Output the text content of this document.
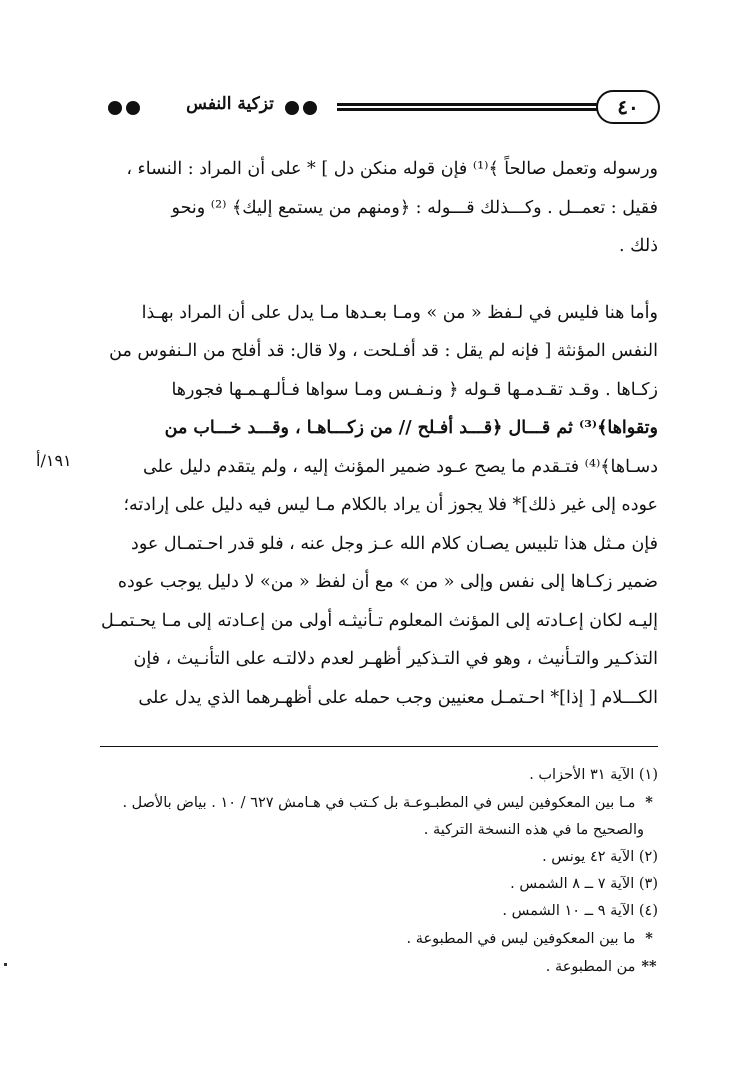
تزكية النفس	٤٠

ورسوله وتعمل صالحاً ﴾⁽¹⁾ فإن قوله منكن دل ] * على أن المراد : النساء ،

فقيل : تعمــل . وكـــذلك قـــوله : ﴿ومنهم من يستمع إليك﴾ ⁽²⁾ ونحو

ذلك .

وأما هنا فليس في لـفظ « من » ومـا بعـدها مـا يدل على أن المراد بهـذا

النفس المؤنثة [ فإنه لم يقل : قد أفـلحت ، ولا قال: قد أفلح من الـنفوس من

زكـاها . وقـد تقـدمـها قـوله ﴿ ونـفـس ومـا سواها فـألـهـمـها فجورها

وتقواها﴾⁽³⁾ ثم قـــال ﴿قـــد أفـلح // من زكـــاهـا ، وقـــد خـــاب من

دسـاها﴾⁽⁴⁾ فتـقدم ما يصح عـود ضمير المؤنث إليه ، ولم يتقدم دليل على

عوده إلى غير ذلك]* فلا يجوز أن يراد بالكلام مـا ليس فيه دليل على إرادته؛

فإن مـثل هذا تلبيس يصـان كلام الله عـز وجل عنه ، فلو قدر احـتمـال عود

ضمير زكـاها إلى نفس وإلى « من » مع أن لفظ « من» لا دليل يوجب عوده

إليـه لكان إعـادته إلى المؤنث المعلوم تـأنيثـه أولى من إعـادته إلى مـا يحـتمـل

التذكـير والتـأنيث ، وهو في التـذكير أظهـر لعدم دلالتـه على التأنـيث ، فإن

الكـــلام [ إذا]* احـتمـل معنيين وجب حمله على أظهـرهما الذي يدل على

١٩١/أ
(١) الآية ٣١ الأحزاب .
* مـا بين المعكوفين ليس في المطبـوعـة بل كـتب في هـامش ٦٢٧ / ١٠ . بياض بالأصل .
والصحيح ما في هذه النسخة التركية .
(٢) الآية ٤٢ يونس .
(٣) الآية ٧ ــ ٨ الشمس .
(٤) الآية ٩ ــ ١٠ الشمس .
* ما بين المعكوفين ليس في المطبوعة .
** من المطبوعة .
